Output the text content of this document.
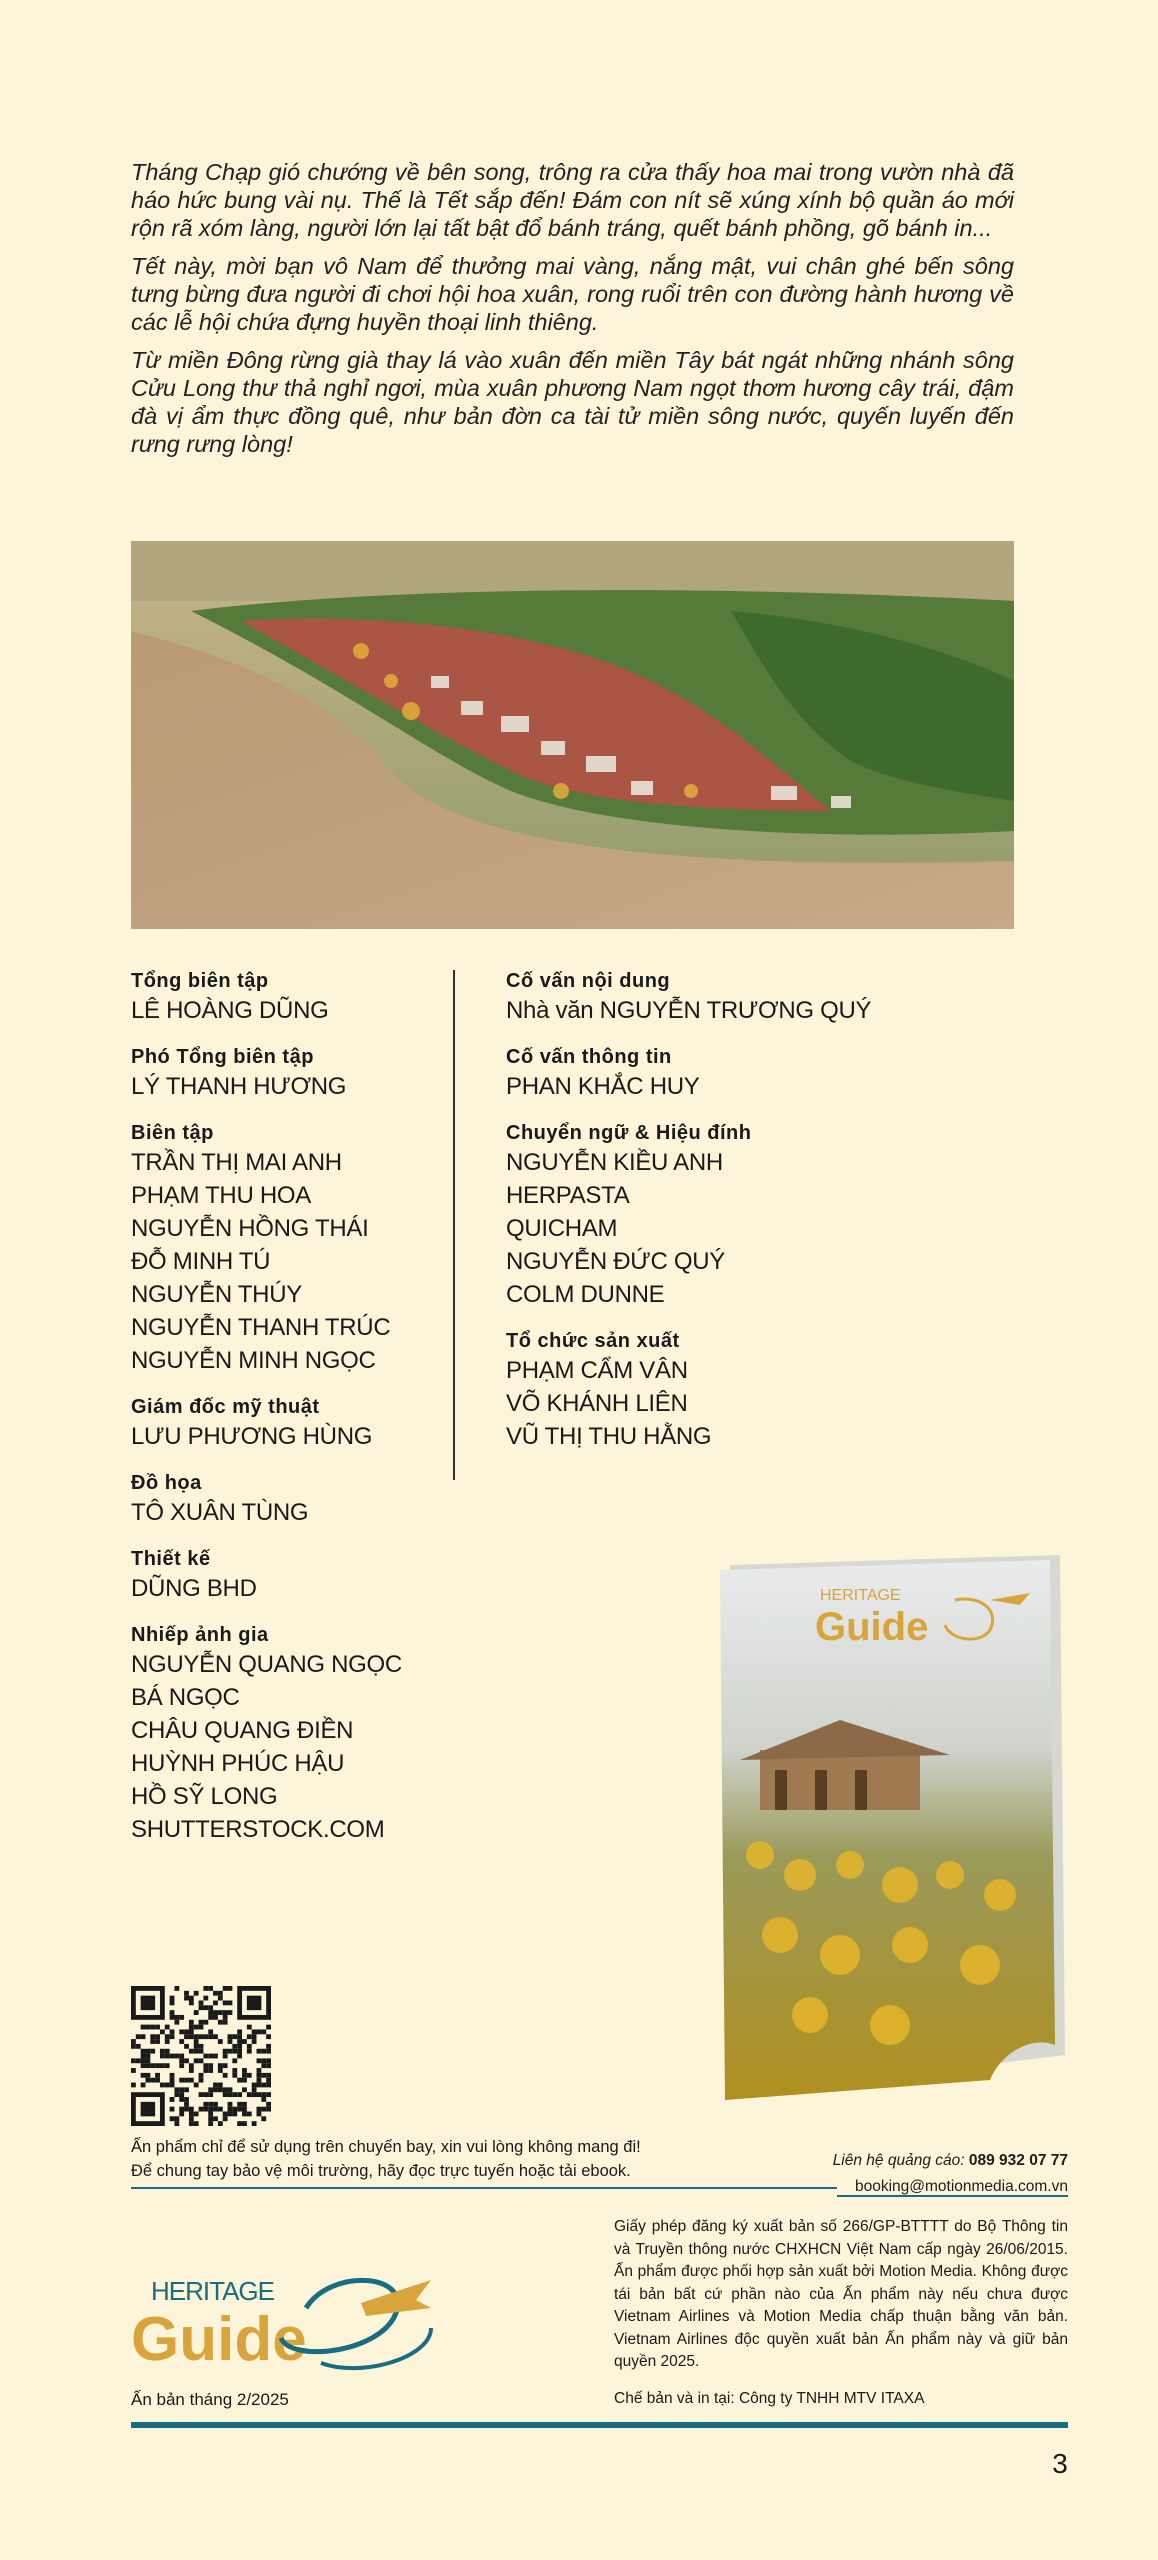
Tháng Chạp gió chướng về bên song, trông ra cửa thấy hoa mai trong vườn nhà đã háo hức bung vài nụ. Thế là Tết sắp đến! Đám con nít sẽ xúng xính bộ quần áo mới rộn rã xóm làng, người lớn lại tất bật đổ bánh tráng, quết bánh phồng, gõ bánh in...

Tết này, mời bạn vô Nam để thưởng mai vàng, nắng mật, vui chân ghé bến sông tưng bừng đưa người đi chơi hội hoa xuân, rong ruổi trên con đường hành hương về các lễ hội chứa đựng huyền thoại linh thiêng.

Từ miền Đông rừng già thay lá vào xuân đến miền Tây bát ngát những nhánh sông Cửu Long thư thả nghỉ ngơi, mùa xuân phương Nam ngọt thơm hương cây trái, đậm đà vị ẩm thực đồng quê, như bản đờn ca tài tử miền sông nước, quyến luyến đến rưng rưng lòng!

Tổng biên tập
LÊ HOÀNG DŨNG
Phó Tổng biên tập
LÝ THANH HƯƠNG
Biên tập
TRẦN THỊ MAI ANH
PHẠM THU HOA
NGUYỄN HỒNG THÁI
ĐỖ MINH TÚ
NGUYỄN THÚY
NGUYỄN THANH TRÚC
NGUYỄN MINH NGỌC
Giám đốc mỹ thuật
LƯU PHƯƠNG HÙNG
Đồ họa
TÔ XUÂN TÙNG
Thiết kế
DŨNG BHD
Nhiếp ảnh gia
NGUYỄN QUANG NGỌC
BÁ NGỌC
CHÂU QUANG ĐIỀN
HUỲNH PHÚC HẬU
HỒ SỸ LONG
SHUTTERSTOCK.COM
Cố vấn nội dung
Nhà văn NGUYỄN TRƯƠNG QUÝ
Cố vấn thông tin
PHAN KHẮC HUY
Chuyển ngữ & Hiệu đính
NGUYỄN KIỀU ANH
HERPASTA
QUICHAM
NGUYỄN ĐỨC QUÝ
COLM DUNNE
Tổ chức sản xuất
PHẠM CẨM VÂN
VÕ KHÁNH LIÊN
VŨ THỊ THU HẰNG
HERITAGE
Guide
Ấn phẩm chỉ để sử dụng trên chuyến bay, xin vui lòng không mang đi!
Để chung tay bảo vệ môi trường, hãy đọc trực tuyến hoặc tải ebook.
Liên hệ quảng cáo: 089 932 07 77
booking@motionmedia.com.vn
Giấy phép đăng ký xuất bản số 266/GP-BTTTT do Bộ Thông tin và Truyền thông nước CHXHCN Việt Nam cấp ngày 26/06/2015. Ấn phẩm được phối hợp sản xuất bởi Motion Media. Không được tái bản bất cứ phần nào của Ấn phẩm này nếu chưa được Vietnam Airlines và Motion Media chấp thuận bằng văn bản. Vietnam Airlines độc quyền xuất bản Ấn phẩm này và giữ bản quyền 2025.
Chế bản và in tại: Công ty TNHH MTV ITAXA
HERITAGE
Guide
Ấn bản tháng 2/2025
3
